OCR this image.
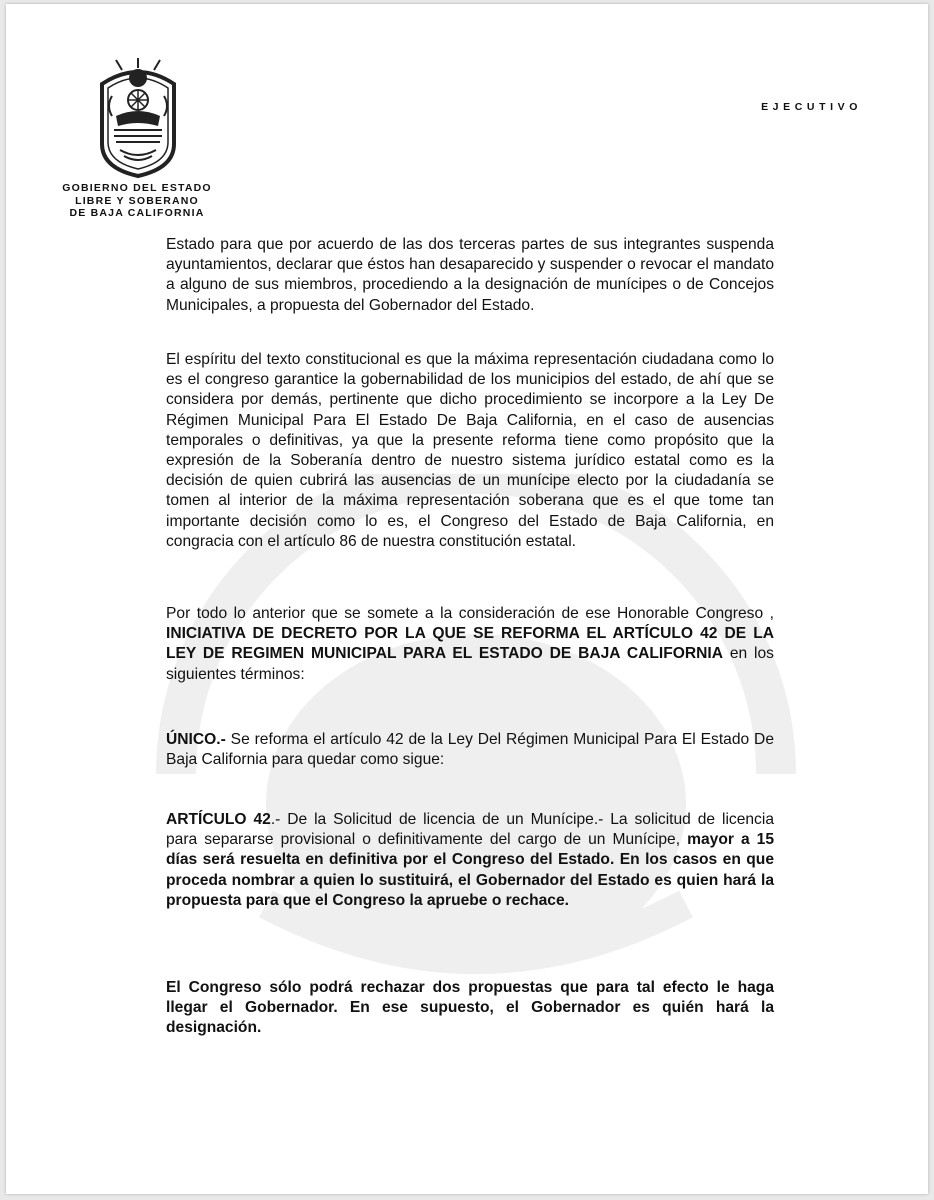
GOBIERNO DEL ESTADO
LIBRE Y SOBERANO
DE BAJA CALIFORNIA
EJECUTIVO
Estado para que por acuerdo de las dos terceras partes de sus integrantes suspenda ayuntamientos, declarar que éstos han desaparecido y suspender o revocar el mandato a alguno de sus miembros, procediendo a la designación de munícipes o de Concejos Municipales, a propuesta del Gobernador del Estado.
El espíritu del texto constitucional es que la máxima representación ciudadana como lo es el congreso garantice la gobernabilidad de los municipios del estado, de ahí que se considera por demás, pertinente que dicho procedimiento se incorpore a la Ley De Régimen Municipal Para El Estado De Baja California, en el caso de ausencias temporales o definitivas, ya que la presente reforma tiene como propósito que la expresión de la Soberanía dentro de nuestro sistema jurídico estatal como es la decisión de quien cubrirá las ausencias de un munícipe electo por la ciudadanía se tomen al interior de la máxima representación soberana que es el que tome tan importante decisión como lo es, el Congreso del Estado de Baja California, en congracia con el artículo 86 de nuestra constitución estatal.
Por todo lo anterior que se somete a la consideración de ese Honorable Congreso , INICIATIVA DE DECRETO POR LA QUE SE REFORMA EL ARTÍCULO 42 DE LA LEY DE REGIMEN MUNICIPAL PARA EL ESTADO DE BAJA CALIFORNIA en los siguientes términos:
ÚNICO.- Se reforma el artículo 42 de la Ley Del Régimen Municipal Para El Estado De Baja California para quedar como sigue:
ARTÍCULO 42.- De la Solicitud de licencia de un Munícipe.- La solicitud de licencia para separarse provisional o definitivamente del cargo de un Munícipe, mayor a 15 días será resuelta en definitiva por el Congreso del Estado. En los casos en que proceda nombrar a quien lo sustituirá, el Gobernador del Estado es quien hará la propuesta para que el Congreso la apruebe o rechace.
El Congreso sólo podrá rechazar dos propuestas que para tal efecto le haga llegar el Gobernador. En ese supuesto, el Gobernador es quién hará la designación.
